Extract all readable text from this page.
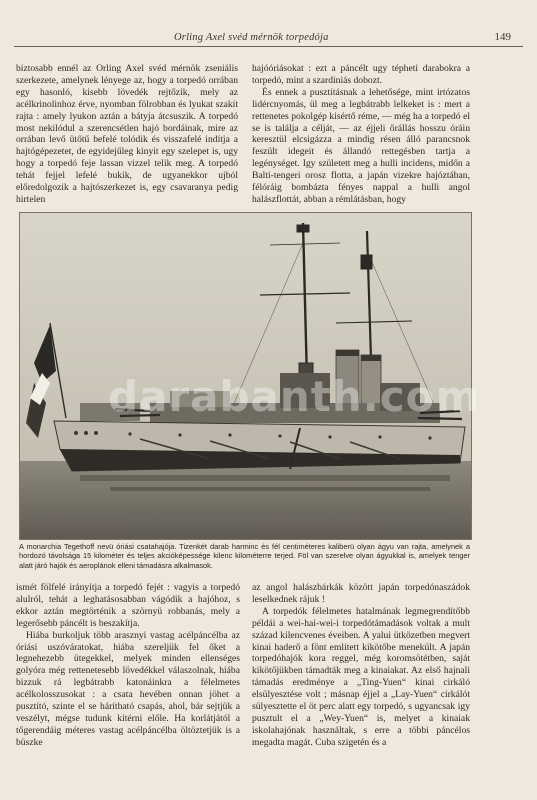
Orling Axel svéd mérnök torpedója	149

biztosabb ennél az Orling Axel svéd mérnök zseniális szerkezete, amelynek lényege az, hogy a torpedó orrában egy hasonló, kisebb lövedék rejtőzik, mely az acélkrinolinhoz érve, nyomban fölrobban és lyukat szakít rajta : amely lyukon aztán a bátyja átcsuszik. A torpedó most nekilódul a szerencsétlen hajó bordáinak, mire az orrában levő ütőtű befelé tolódik és visszafelé indítja a hajtógépezetet, de egyidejűleg kinyit egy szelepet is, ugy hogy a torpedó feje lassan vizzel telik meg. A torpedó tehát fejjel lefelé bukik, de ugyanekkor ujból előredolgozik a hajtószerkezet is, egy csavaranya pedig hirtelen

hajóóriásokat : ezt a páncélt ugy tépheti darabokra a torpedó, mint a szardiniás dobozt.

És ennek a pusztításnak a lehetősége, mint irtózatos lidércnyomás, ül meg a legbátrabb lelkeket is : mert a rettenetes pokolgép kisértő réme, — még ha a torpedó el se is találja a célját, — az éjjeli őrállás hosszu óráin keresztül elcsigázza a mindig résen álló parancsnok feszült idegeit és állandó rettegésben tartja a legénységet. Igy született meg a hulli incidens, midőn a Balti-tengeri orosz flotta, a japán vizekre hajóztában, félóráig bombázta fényes nappal a hulli angol halászflottát, abban a rémlátásban, hogy

darabanth.com
A monarchia Tegethoff nevü óriási csatahajója. Tizenkét darab harminc és fél centiméteres kaliberü olyan ágyu van rajta, amelynek a hordozó távolsága 15 kilométer és teljes akcióképessége kilenc kilométerre terjed. Föl van szerelve olyan ágyukkal is, amelyek tenger alatt járó hajók és aeroplánok elleni támadásra alkalmasok.

ismét fölfelé irányítja a torpedó fejét : vagyis a torpedó alulról, tehát a leghatásosabban vágódik a hajóhoz, s ekkor aztán megtörténik a szörnyü robbanás, mely a legerősebb páncélt is beszakítja.

Hiába burkoljuk több arasznyi vastag acélpáncélba az óriási uszóváratokat, hiába szereljük fel őket a legnehezebb ütegekkel, melyek minden ellenséges golyóra még rettenetesebb lövedékkel válaszolnak, hiába bizzuk rá legbátrabb katonáinkra a félelmetes acélkolosszusokat : a csata hevében onnan jöhet a pusztító, szinte el se hárítható csapás, ahol, bár sejtjük a veszélyt, mégse tudunk kitérni előle. Ha korlátjától a tőgerendáig méteres vastag acélpáncélba öltöztetjük is a büszke

az angol halászbárkák között japán torpedónaszádok leselkednek rájuk !

A torpedók félelmetes hatalmának legmegrendítőbb példái a wei-hai-wei-i torpedótámadások voltak a mult század kilencvenes éveiben. A yalui ütközetben megvert kinai haderő a fönt említett kikötőbe menekült. A japán torpedóhajók kora reggel, még koromsötétben, saját kikötőjükben támadták meg a kinaiakat. Az első hajnali támadás eredménye a „Ting-Yuen“ kinai cirkáló elsülyesztése volt ; másnap éjjel a „Lay-Yuen“ cirkálót sülyesztette el öt perc alatt egy torpedó, s ugyancsak igy pusztult el a „Wey-Yuen“ is, melyet a kinaiak iskolahajónak használtak, s erre a többi páncélos megadta magát. Cuba szigetén és a
